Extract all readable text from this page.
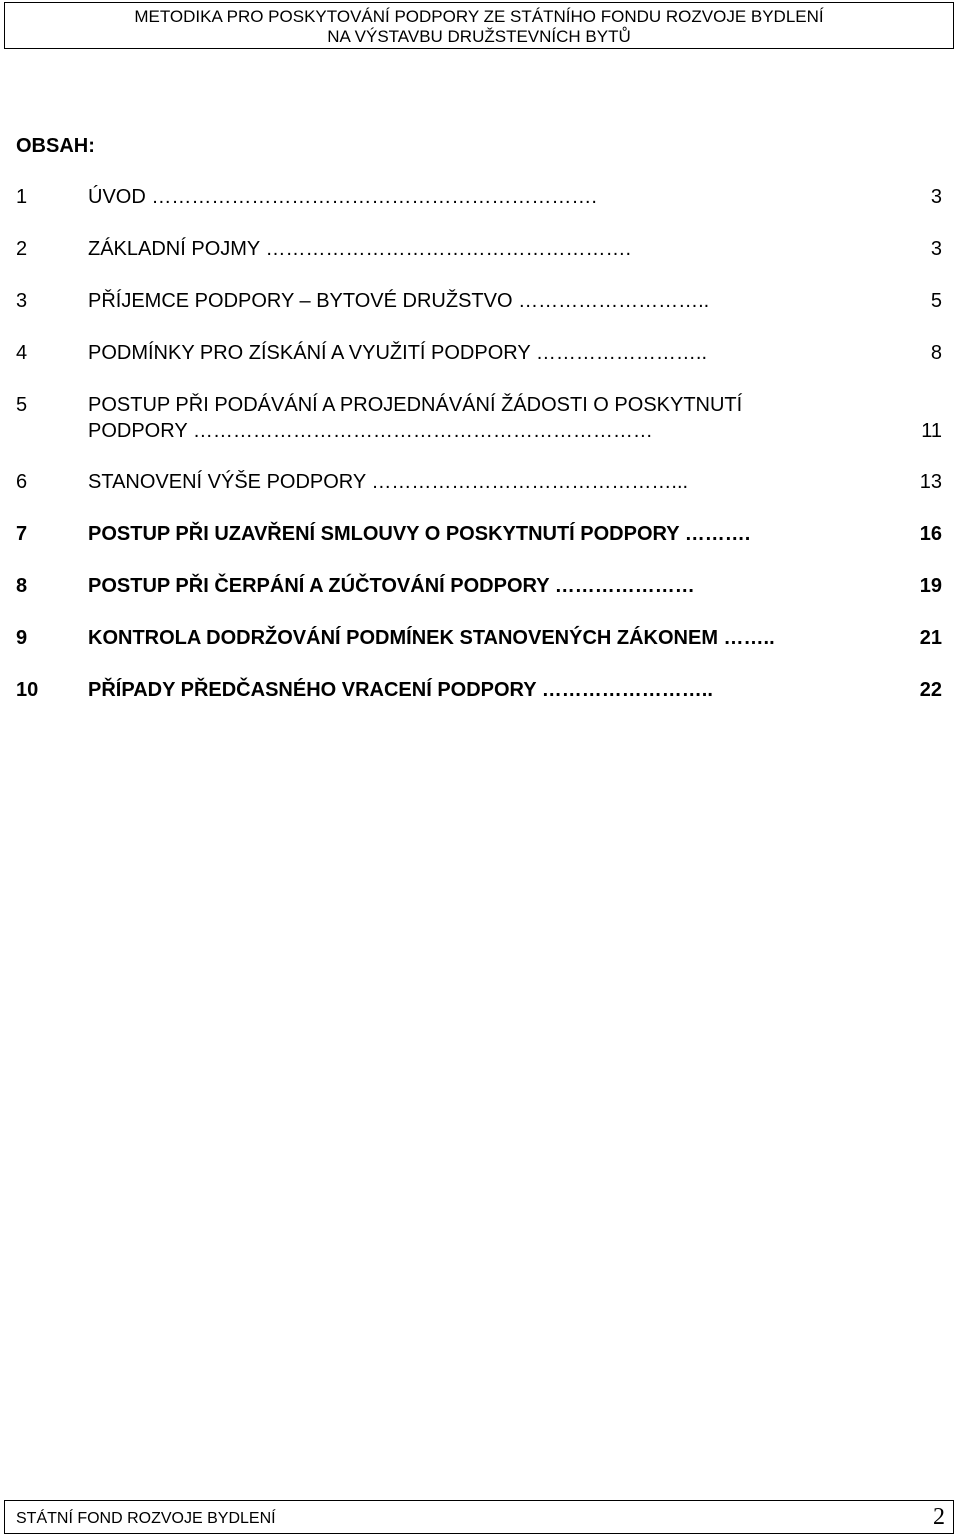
METODIKA PRO POSKYTOVÁNÍ PODPORY ZE STÁTNÍHO FONDU ROZVOJE BYDLENÍ
NA VÝSTAVBU DRUŽSTEVNÍCH BYTŮ
OBSAH:
1	ÚVOD ………………………………………………………….	3
2	ZÁKLADNÍ POJMY ……………………………………………….	3
3	PŘÍJEMCE PODPORY – BYTOVÉ DRUŽSTVO ………………………..	5
4	PODMÍNKY PRO ZÍSKÁNÍ A VYUŽITÍ PODPORY ……………………..	8
5	POSTUP PŘI PODÁVÁNÍ A PROJEDNÁVÁNÍ ŽÁDOSTI O POSKYTNUTÍ
PODPORY ……………………………………………………………	11
6	STANOVENÍ VÝŠE PODPORY ………………………………………...	13
7	POSTUP PŘI UZAVŘENÍ SMLOUVY O POSKYTNUTÍ PODPORY ……….	16
8	POSTUP PŘI ČERPÁNÍ A ZÚČTOVÁNÍ PODPORY …………………	19
9	KONTROLA DODRŽOVÁNÍ PODMÍNEK STANOVENÝCH ZÁKONEM ……..	21
10 PŘÍPADY PŘEDČASNÉHO VRACENÍ PODPORY ……………………..	22
STÁTNÍ FOND ROZVOJE BYDLENÍ	2
